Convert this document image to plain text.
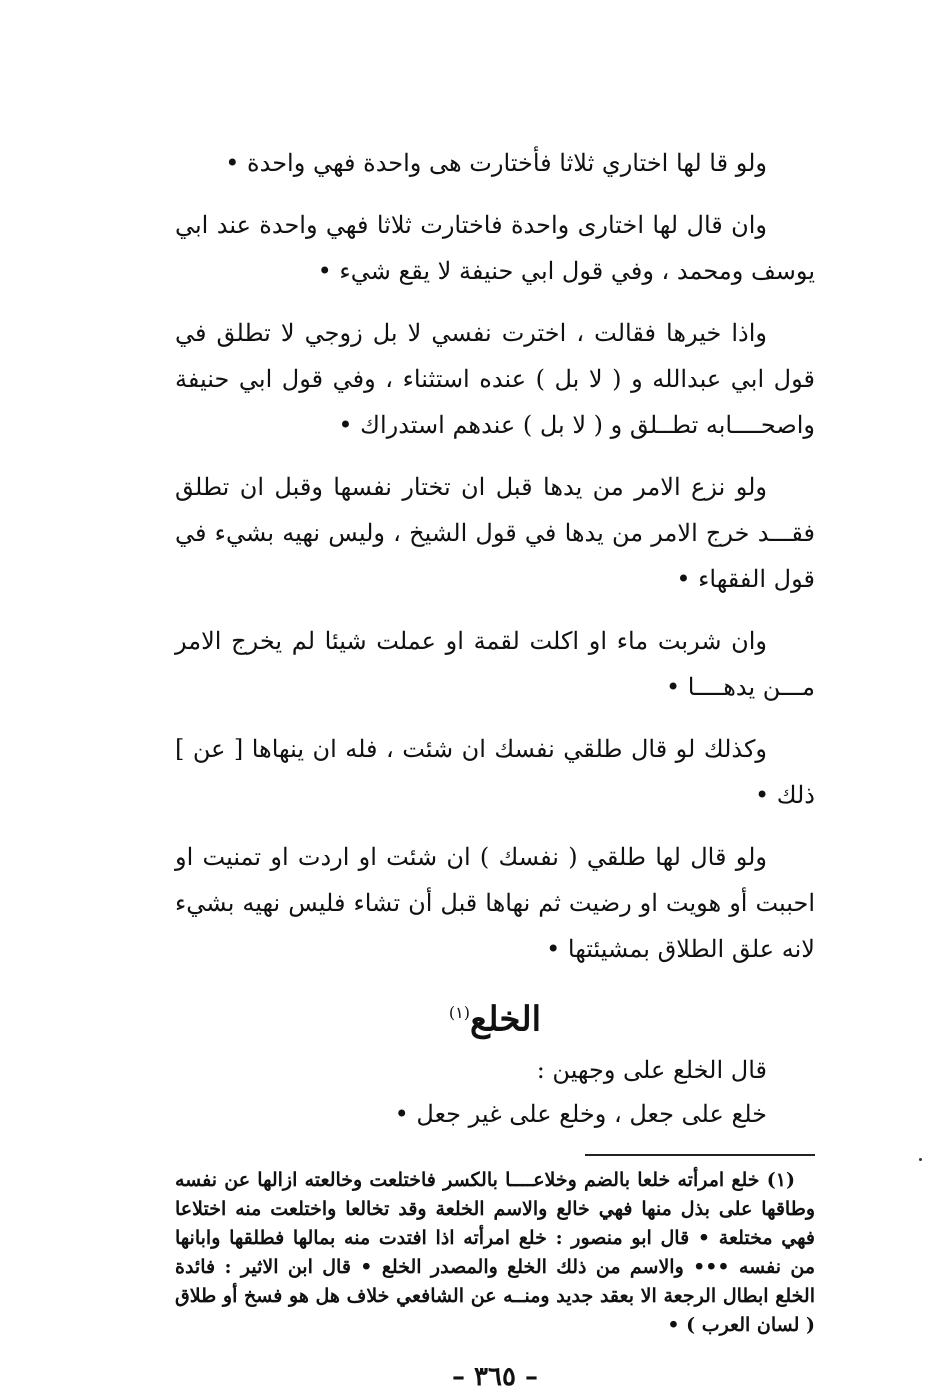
ولو قا لها اختاري ثلاثا فأختارت هى واحدة فهي واحدة •

وان قال لها اختارى واحدة فاختارت ثلاثا فهي واحدة عند ابي يوسف ومحمد ، وفي قول ابي حنيفة لا يقع شيء •

واذا خيرها فقالت ، اخترت نفسي لا بل زوجي لا تطلق في قول ابي عبدالله و ( لا بل ) عنده استثناء ، وفي قول ابي حنيفة واصحــــابه تطــلق و ( لا بل ) عندهم استدراك •

ولو نزع الامر من يدها قبل ان تختار نفسها وقبل ان تطلق فقـــد خرج الامر من يدها في قول الشيخ ، وليس نهيه بشيء في قول الفقهاء •

وان شربت ماء او اكلت لقمة او عملت شيئا لم يخرج الامر مـــن يدهــــا •

وكذلك لو قال طلقي نفسك ان شئت ، فله ان ينهاها [ عن ] ذلك •

ولو قال لها طلقي ( نفسك ) ان شئت او اردت او تمنيت او احببت أو هويت او رضيت ثم نهاها قبل أن تشاء فليس نهيه بشيء لانه علق الطلاق بمشيئتها •

الخلع$^{(١)}$

قال الخلع على وجهين :

خلع على جعل ، وخلع على غير جعل •

(١) خلع امرأته خلعا بالضم وخلاعــــا بالكسر فاختلعت وخالعته ازالها عن نفسه وطاقها على بذل منها فهي خالع والاسم الخلعة وقد تخالعا واختلعت منه اختلاعا فهي مختلعة • قال ابو منصور : خلع امرأته اذا افتدت منه بمالها فطلقها وابانها من نفسه ••• والاسم من ذلك الخلع والمصدر الخلع • قال ابن الاثير : فائدة الخلع ابطال الرجعة الا بعقد جديد ومنــه عن الشافعي خلاف هل هو فسخ أو طلاق ( لسان العرب ) •

– ٣٦٥ –
